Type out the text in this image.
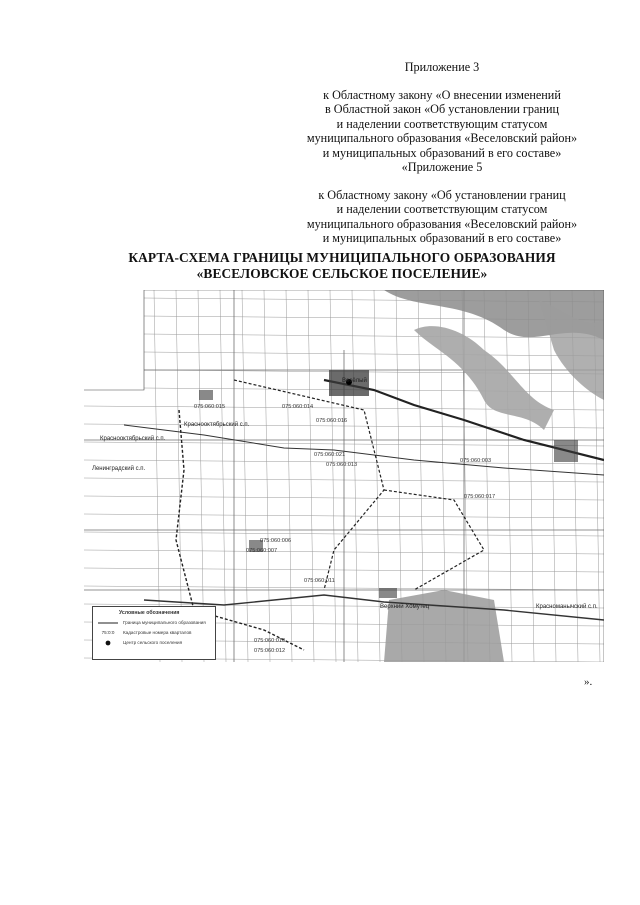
Приложение 3
к Областному закону «О внесении изменений
в Областной закон «Об установлении границ
и наделении соответствующим статусом
муниципального образования «Веселовский район»
и муниципальных образований в его составе»
«Приложение 5
к Областному закону «Об установлении границ
и наделении соответствующим статусом
муниципального образования «Веселовский район»
и муниципальных образований в его составе»
КАРТА-СХЕМА ГРАНИЦЫ МУНИЦИПАЛЬНОГО ОБРАЗОВАНИЯ
«ВЕСЕЛОВСКОЕ СЕЛЬСКОЕ ПОСЕЛЕНИЕ»
Весёлый
Краснооктябрьский с.п.
Ленинградский с.п.
Верхний Хомутец
Краснооктябрьский с.п.
Красноманычский с.п.
075:060:015	075:060:014
075:060:016
075:060:021
075:060:013
075:060:003
075:060:017
075:060:007
075:060:006
075:060:011
075:060:010
075:060:012
Условные обозначения
Граница муниципального образования
75:0:0	Кадастровые номера кварталов
Центр сельского поселения
».
